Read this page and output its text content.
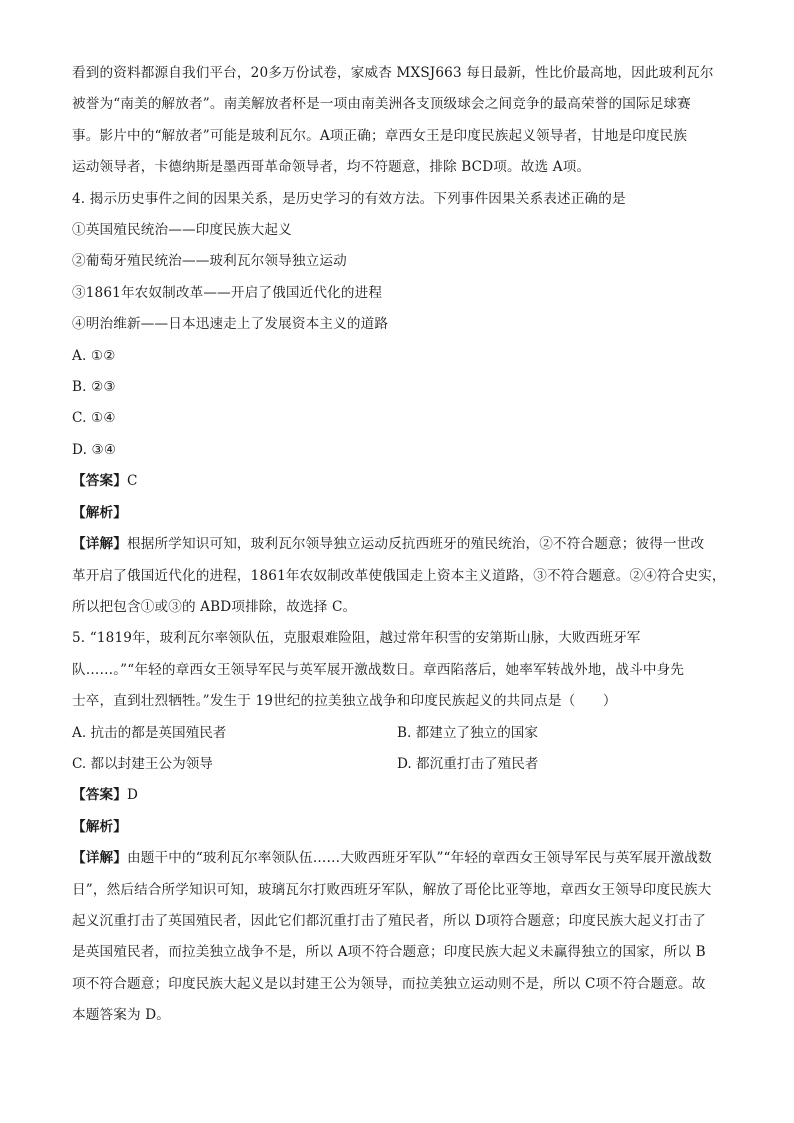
看到的资料都源自我们平台，20多万份试卷，家威杏 MXSJ663 每日最新，性比价最高地，因此玻利瓦尔
被誉为“南美的解放者”。南美解放者杯是一项由南美洲各支顶级球会之间竞争的最高荣誉的国际足球赛
事。影片中的“解放者”可能是玻利瓦尔。A项正确；章西女王是印度民族起义领导者，甘地是印度民族
运动领导者，卡德纳斯是墨西哥革命领导者，均不符题意，排除 BCD项。故选 A项。
4. 揭示历史事件之间的因果关系，是历史学习的有效方法。下列事件因果关系表述正确的是
①英国殖民统治——印度民族大起义
②葡萄牙殖民统治——玻利瓦尔领导独立运动
③1861年农奴制改革——开启了俄国近代化的进程
④明治维新——日本迅速走上了发展资本主义的道路
A. ①②
B. ②③
C. ①④
D. ③④
【答案】C
【解析】
【详解】根据所学知识可知，玻利瓦尔领导独立运动反抗西班牙的殖民统治，②不符合题意；彼得一世改
革开启了俄国近代化的进程，1861年农奴制改革使俄国走上资本主义道路，③不符合题意。②④符合史实，
所以把包含①或③的 ABD项排除，故选择 C。
5. “1819年，玻利瓦尔率领队伍，克服艰难险阻，越过常年积雪的安第斯山脉，大败西班牙军
队……。”“年轻的章西女王领导军民与英军展开激战数日。章西陷落后，她率军转战外地，战斗中身先
士卒，直到壮烈牺牲。”发生于 19世纪的拉美独立战争和印度民族起义的共同点是（　　）
A. 抗击的都是英国殖民者	B. 都建立了独立的国家
C. 都以封建王公为领导	D. 都沉重打击了殖民者
【答案】D
【解析】
【详解】由题干中的“玻利瓦尔率领队伍……大败西班牙军队”“年轻的章西女王领导军民与英军展开激战数
日”，然后结合所学知识可知，玻璃瓦尔打败西班牙军队，解放了哥伦比亚等地，章西女王领导印度民族大
起义沉重打击了英国殖民者，因此它们都沉重打击了殖民者，所以 D项符合题意；印度民族大起义打击了
是英国殖民者，而拉美独立战争不是，所以 A项不符合题意；印度民族大起义未赢得独立的国家，所以 B
项不符合题意；印度民族大起义是以封建王公为领导，而拉美独立运动则不是，所以 C项不符合题意。故
本题答案为 D。
